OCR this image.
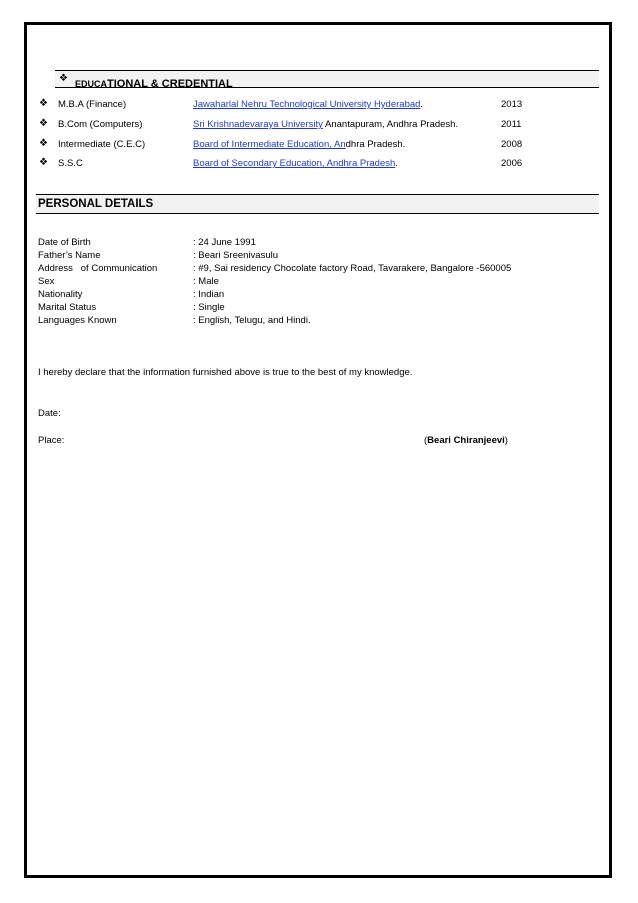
❖ EDUCATIONAL & CREDENTIAL
❖ M.B.A (Finance)	Jawaharlal Nehru Technological University Hyderabad.	2013
❖ B.Com (Computers)	Sri Krishnadevaraya University Anantapuram, Andhra Pradesh.	2011
❖ Intermediate (C.E.C)	Board of Intermediate Education, Andhra Pradesh.	2008
❖ S.S.C	Board of Secondary Education, Andhra Pradesh.	2006
PERSONAL DETAILS
Date of Birth	: 24 June 1991
Father’s Name	: Beari Sreenivasulu
Address   of Communication	: #9, Sai residency Chocolate factory Road, Tavarakere, Bangalore -560005
Sex	: Male
Nationality	: Indian
Marital Status	: Single
Languages Known	: English, Telugu, and Hindi.
I hereby declare that the information furnished above is true to the best of my knowledge.
Date:
Place:	(Beari Chiranjeevi)
